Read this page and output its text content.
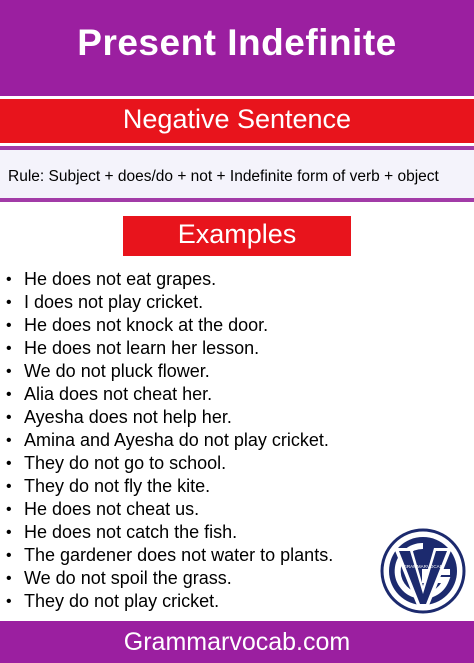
Present Indefinite
Negative Sentence
Rule: Subject + does/do + not + Indefinite form of verb + object
Examples
• He does not eat grapes.
• I does not play cricket.
• He does not knock at the door.
• He does not learn her lesson.
• We do not pluck flower.
• Alia does not cheat her.
• Ayesha does not help her.
• Amina and Ayesha do not play cricket.
• They do not go to school.
• They do not fly the kite.
• He does not cheat us.
• He does not catch the fish.
• The gardener does not water to plants.
• We do not spoil the grass.
• They do not play cricket.
GRAMMARVOCAB
Grammarvocab.com
